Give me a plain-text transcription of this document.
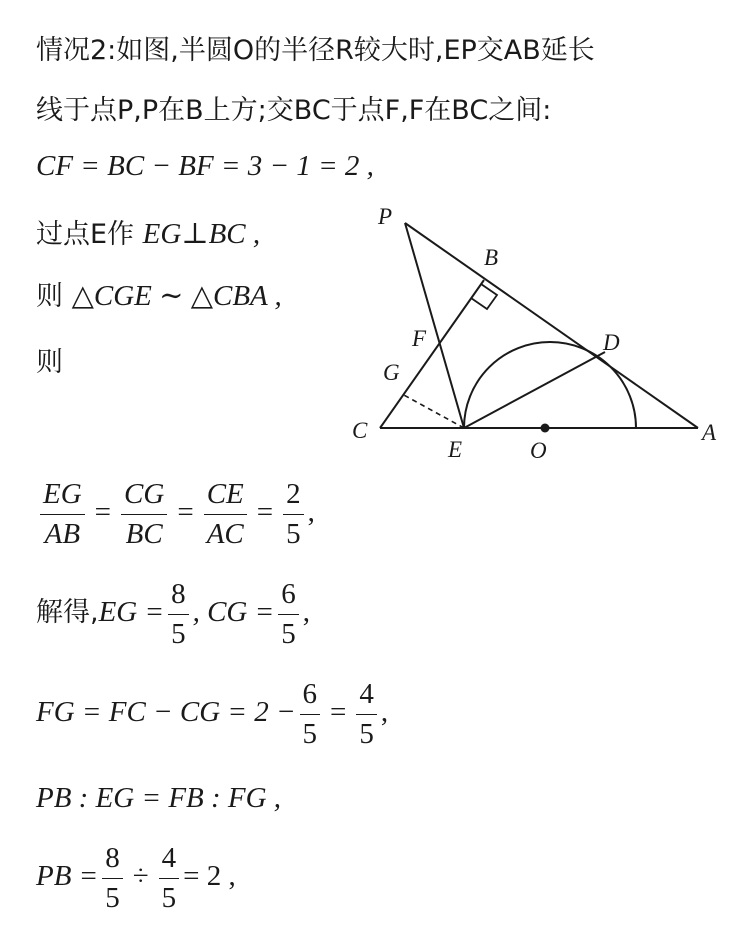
情况2:如图,半圆O的半径R较大时,EP交AB延长
线于点P,P在B上方;交BC于点F,F在BC之间:
CF = BC − BF = 3 − 1 = 2 ,
过点E作 EG⊥BC ,
则 △CGE ∼ △CBA ,
则
P
B
F	D
G
C
E	O
A
$\frac{EG}{AB} = \frac{CG}{BC} = \frac{CE}{AC} = \frac{2}{5}$ ,
解得$,EG = \frac{8}{5}$ , CG = $\frac{6}{5}$ ,
FG = FC − CG = $2 - \frac{6}{5} = \frac{4}{5}$ ,
PB : EG = FB : FG ,
PB = $\frac{8}{5} \div \frac{4}{5} = 2$ ,
